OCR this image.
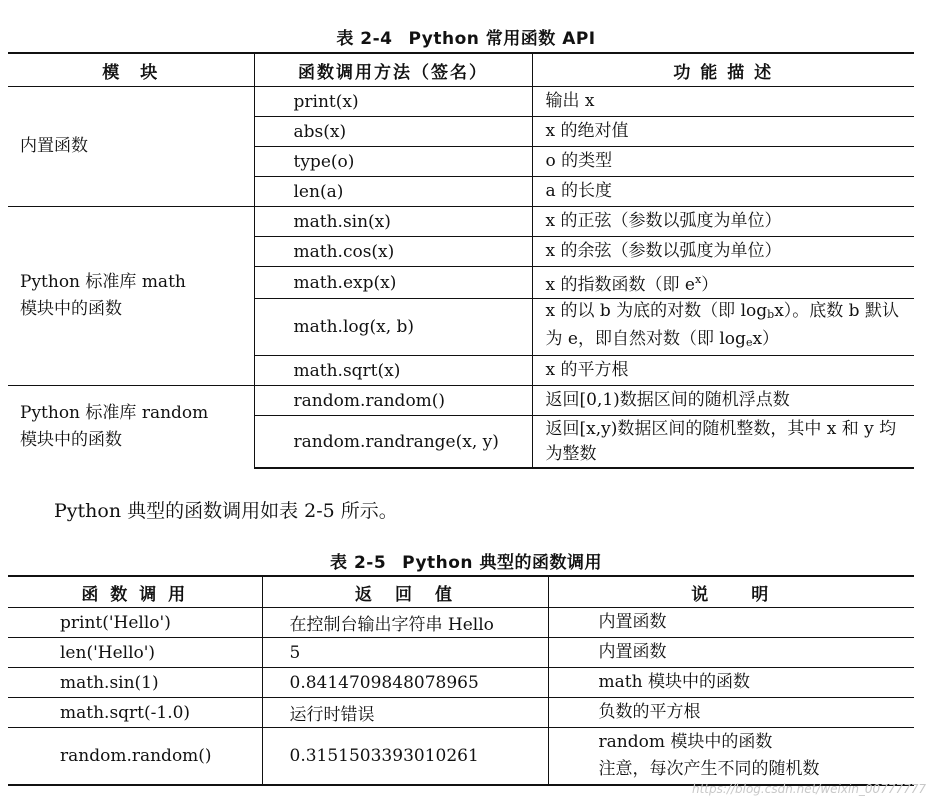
表 2-4 Python 常用函数 API
模　块	函数调用方法（签名）	功 能 描 述
内置函数	print(x)	输出 x
	abs(x)	x 的绝对值
	type(o)	o 的类型
	len(a)	a 的长度

Python 标准库 math
模块中的函数	math.sin(x)	x 的正弦（参数以弧度为单位）
	math.cos(x)	x 的余弦（参数以弧度为单位）
	math.exp(x)	x 的指数函数（即 $e^x$）
	math.log(x, b)	x 的以 b 为底的对数（即 $\log_bx$）。底数 b 默认为 e，即自然对数（即 $\log_ex$）
	math.sqrt(x)	x 的平方根

Python 标准库 random
模块中的函数	random.random()	返回[0,1)数据区间的随机浮点数
	random.randrange(x, y)	返回[x,y)数据区间的随机整数，其中 x 和 y 均为整数
Python 典型的函数调用如表 2-5 所示。
表 2-5 Python 典型的函数调用
函 数 调 用	返　回　值	说　　明
print('Hello')	在控制台输出字符串 Hello	内置函数
len('Hello')	5	内置函数
math.sin(1)	0.8414709848078965	math 模块中的函数
math.sqrt(-1.0)	运行时错误	负数的平方根
random.random()	0.3151503393010261	random 模块中的函数
注意，每次产生不同的随机数
https://blog.csdn.net/weixin_00777777
